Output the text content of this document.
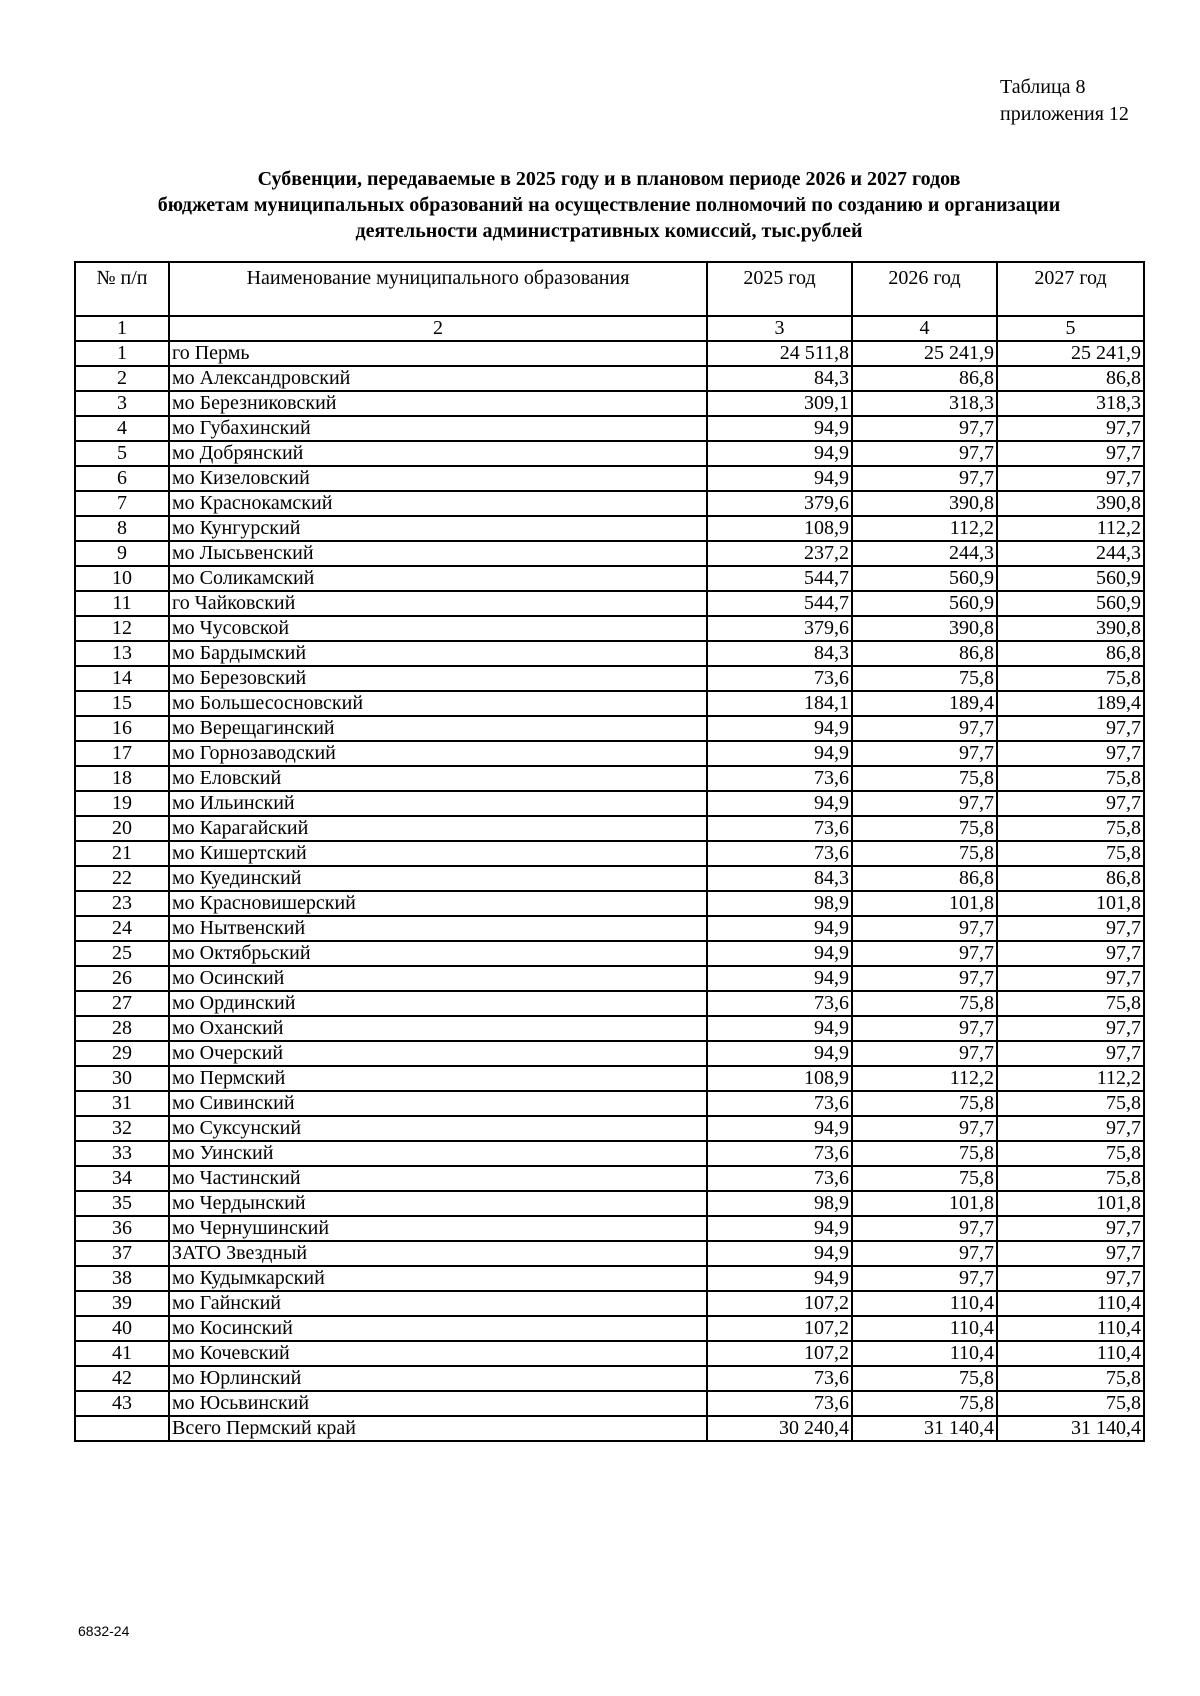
Таблица 8
приложения 12
Субвенции, передаваемые в 2025 году и в плановом периоде 2026 и 2027 годов
бюджетам муниципальных образований на осуществление полномочий по созданию и организации
деятельности административных комиссий, тыс.рублей
№ п/п	Наименование муниципального образования	2025 год	2026 год	2027 год
1	2	3	4	5
1	го Пермь	24 511,8	25 241,9	25 241,9
2	мо Александровский	84,3	86,8	86,8
3	мо Березниковский	309,1	318,3	318,3
4	мо Губахинский	94,9	97,7	97,7
5	мо Добрянский	94,9	97,7	97,7
6	мо Кизеловский	94,9	97,7	97,7
7	мо Краснокамский	379,6	390,8	390,8
8	мо Кунгурский	108,9	112,2	112,2
9	мо Лысьвенский	237,2	244,3	244,3
10	мо Соликамский	544,7	560,9	560,9
11	го Чайковский	544,7	560,9	560,9
12	мо Чусовской	379,6	390,8	390,8
13	мо Бардымский	84,3	86,8	86,8
14	мо Березовский	73,6	75,8	75,8
15	мо Большесосновский	184,1	189,4	189,4
16	мо Верещагинский	94,9	97,7	97,7
17	мо Горнозаводский	94,9	97,7	97,7
18	мо Еловский	73,6	75,8	75,8
19	мо Ильинский	94,9	97,7	97,7
20	мо Карагайский	73,6	75,8	75,8
21	мо Кишертский	73,6	75,8	75,8
22	мо Куединский	84,3	86,8	86,8
23	мо Красновишерский	98,9	101,8	101,8
24	мо Нытвенский	94,9	97,7	97,7
25	мо Октябрьский	94,9	97,7	97,7
26	мо Осинский	94,9	97,7	97,7
27	мо Ординский	73,6	75,8	75,8
28	мо Оханский	94,9	97,7	97,7
29	мо Очерский	94,9	97,7	97,7
30	мо Пермский	108,9	112,2	112,2
31	мо Сивинский	73,6	75,8	75,8
32	мо Суксунский	94,9	97,7	97,7
33	мо Уинский	73,6	75,8	75,8
34	мо Частинский	73,6	75,8	75,8
35	мо Чердынский	98,9	101,8	101,8
36	мо Чернушинский	94,9	97,7	97,7
37	ЗАТО Звездный	94,9	97,7	97,7
38	мо Кудымкарский	94,9	97,7	97,7
39	мо Гайнский	107,2	110,4	110,4
40	мо Косинский	107,2	110,4	110,4
41	мо Кочевский	107,2	110,4	110,4
42	мо Юрлинский	73,6	75,8	75,8
43	мо Юсьвинский	73,6	75,8	75,8
	Всего Пермский край	30 240,4	31 140,4	31 140,4
6832-24
